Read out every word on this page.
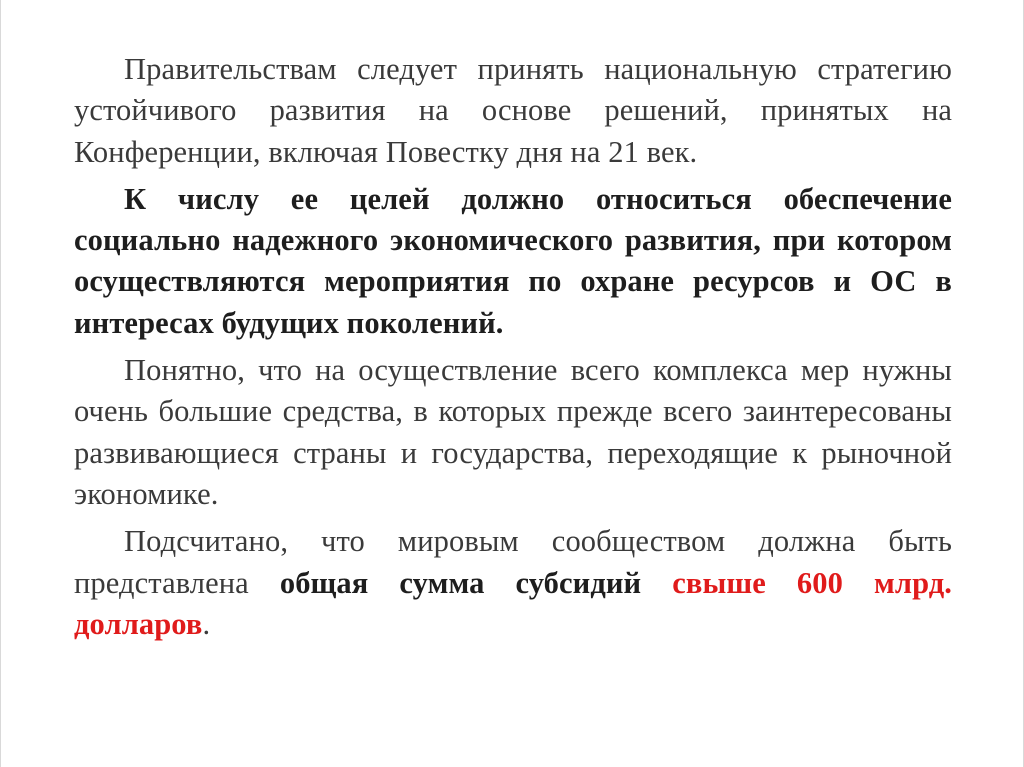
Правительствам следует принять национальную стратегию устойчивого развития на основе решений, принятых на Конференции, включая Повестку дня на 21 век.

К числу ее целей должно относиться обеспечение социально надежного экономического развития, при котором осуществляются мероприятия по охране ресурсов и ОС в интересах будущих поколений.

Понятно, что на осуществление всего комплекса мер нужны очень большие средства, в которых прежде всего заинтересованы развивающиеся страны и государства, переходящие к рыночной экономике.

Подсчитано, что мировым сообществом должна быть представлена общая сумма субсидий свыше 600 млрд. долларов.
